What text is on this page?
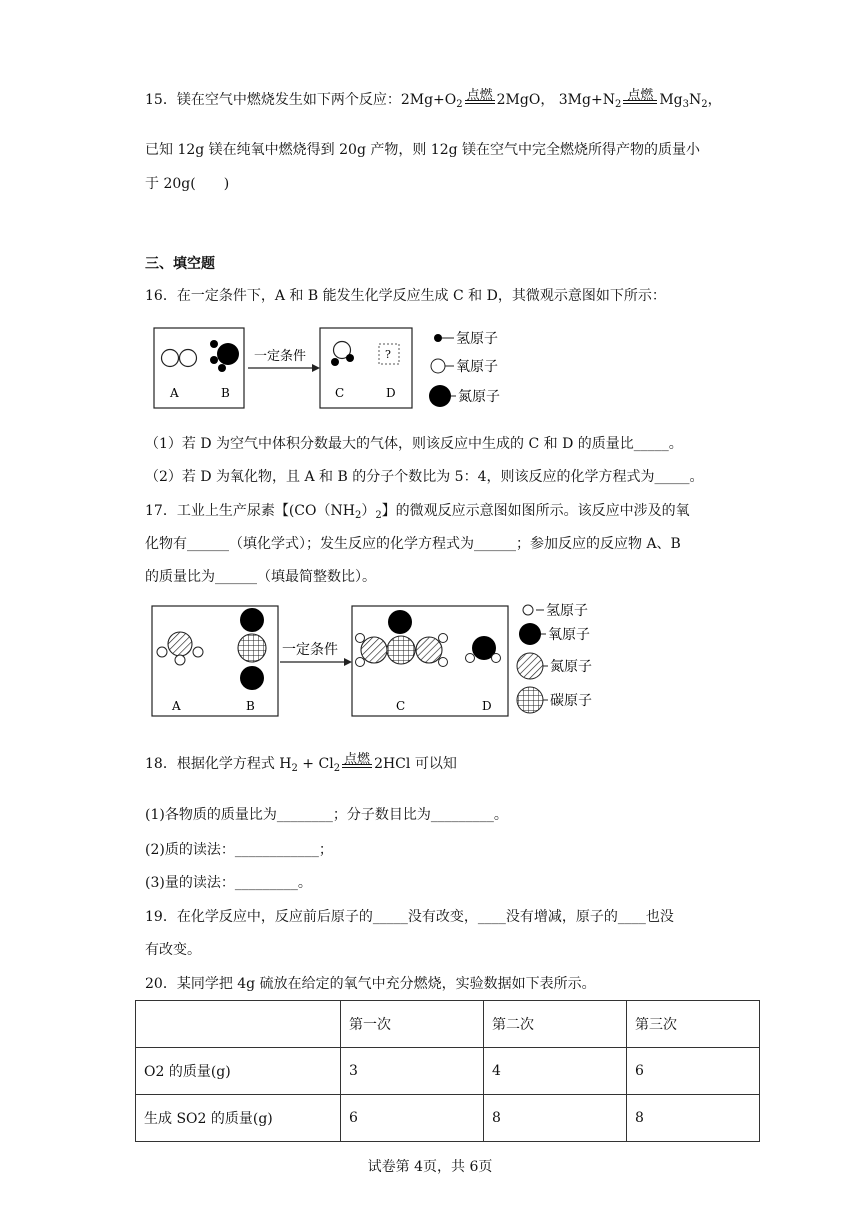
15．镁在空气中燃烧发生如下两个反应：$2Mg+O_2$
点燃 2MgO， $3Mg+N_2$
点燃 $Mg_3N_2$，
已知 12g 镁在纯氧中燃烧得到 20g 产物，则 12g 镁在空气中完全燃烧所得产物的质量小
于 20g(　　)
三、填空题
16．在一定条件下，A 和 B 能发生化学反应生成 C 和 D，其微观示意图如下所示：
A	B
一定条件	?
C	D
氢原子
氧原子
氮原子
（1）若 D 为空气中体积分数最大的气体，则该反应中生成的 C 和 D 的质量比_____。
（2）若 D 为氧化物，且 A 和 B 的分子个数比为 5：4，则该反应的化学方程式为_____。
17．工业上生产尿素【($CO(NH_2)_2$】的微观反应示意图如图所示。该反应中涉及的氧
化物有______（填化学式）；发生反应的化学方程式为______；参加反应的反应物 A、B
的质量比为______（填最简整数比）。
A	B
一定条件
C	D
氢原子
氧原子
氮原子
碳原子
18．根据化学方程式 $H_2 + Cl_2$
点燃 2HCl 可以知
(1)各物质的质量比为________；分子数目比为_________。
(2)质的读法：____________；
(3)量的读法：_________。
19．在化学反应中，反应前后原子的_____没有改变，____没有增减，原子的____也没
有改变。
20．某同学把 4g 硫放在给定的氧气中充分燃烧，实验数据如下表所示。
	第一次	第二次	第三次
O2 的质量(g)	3	4	6
生成 SO2 的质量(g)	6	8	8
试卷第 4页，共 6页
